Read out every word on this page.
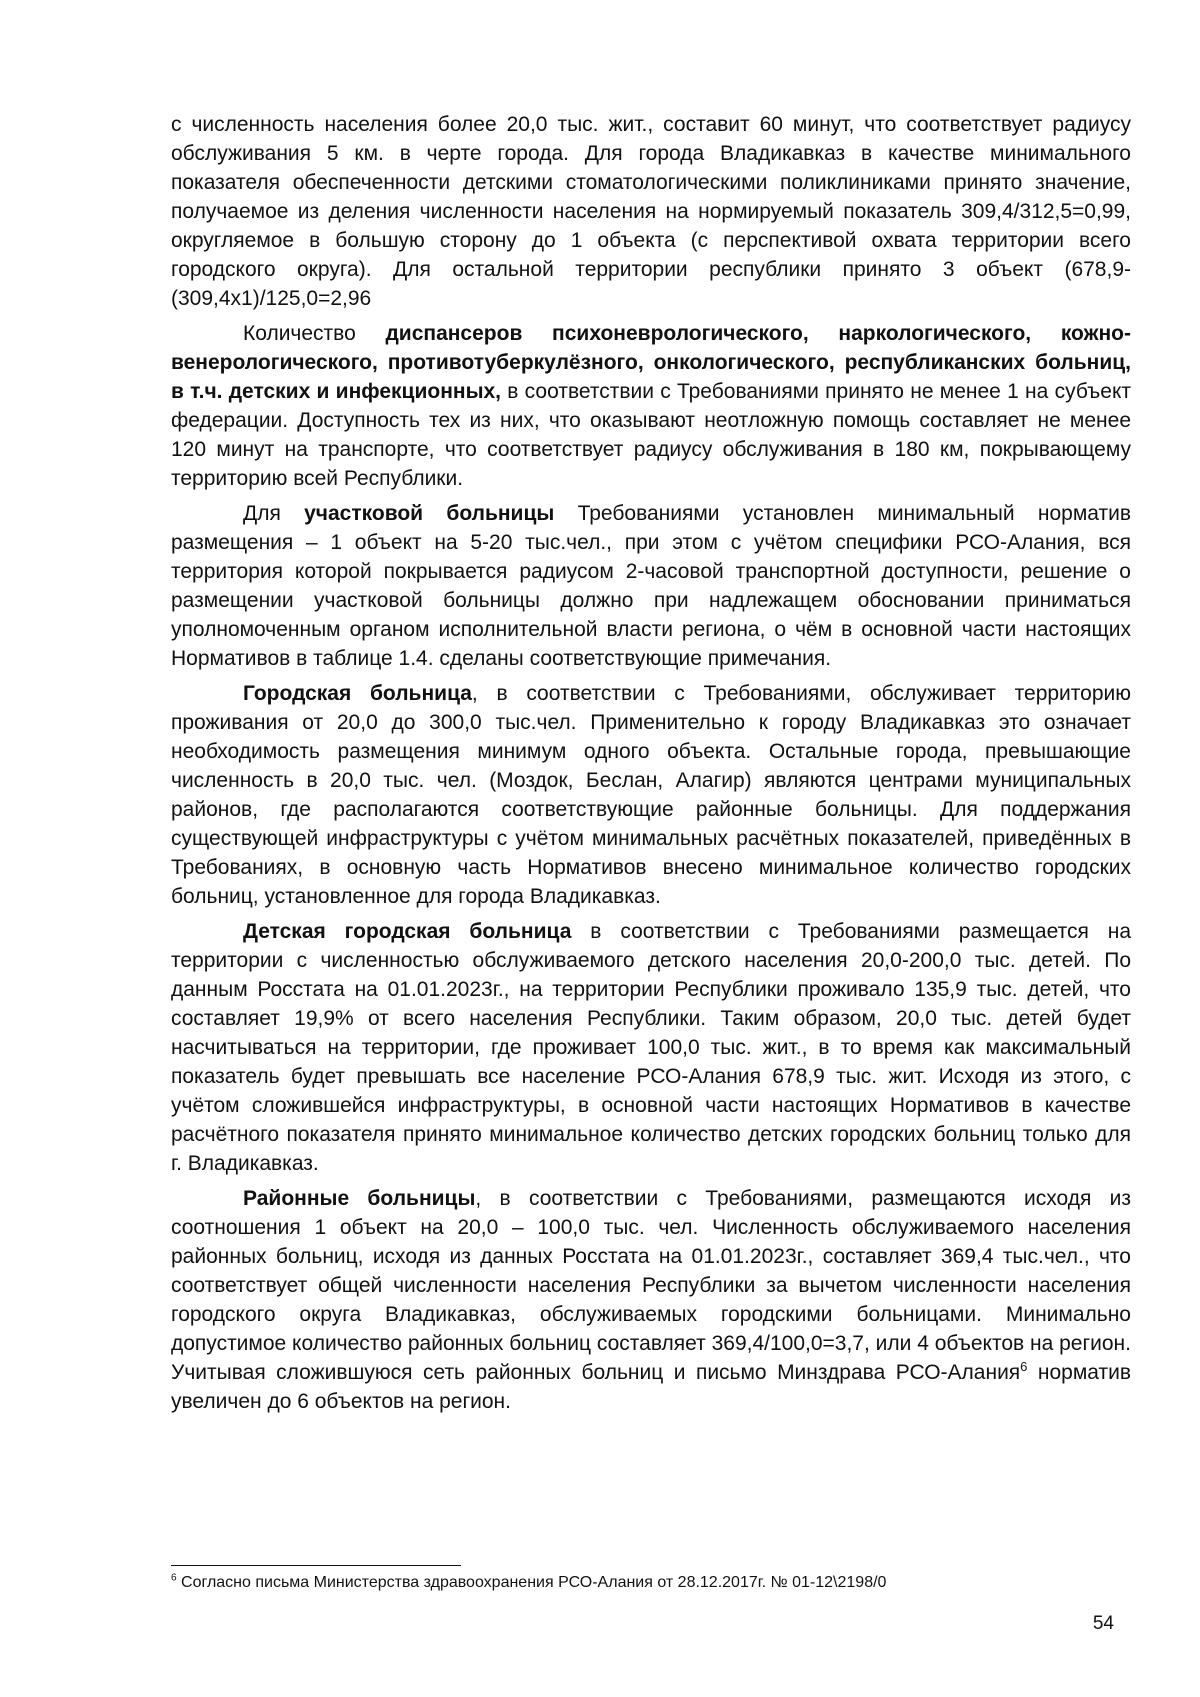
с численность населения более 20,0 тыс. жит., составит 60 минут, что соответствует радиусу обслуживания 5 км. в черте города. Для города Владикавказ в качестве минимального показателя обеспеченности детскими стоматологическими поликлиниками принято значение, получаемое из деления численности населения на нормируемый показатель 309,4/312,5=0,99, округляемое в большую сторону до 1 объекта (с перспективой охвата территории всего городского округа). Для остальной территории республики принято 3 объект (678,9-(309,4х1)/125,0=2,96

Количество диспансеров психоневрологического, наркологического, кожно-венерологического, противотуберкулёзного, онкологического, республиканских больниц, в т.ч. детских и инфекционных, в соответствии с Требованиями принято не менее 1 на субъект федерации. Доступность тех из них, что оказывают неотложную помощь составляет не менее 120 минут на транспорте, что соответствует радиусу обслуживания в 180 км, покрывающему территорию всей Республики.

Для участковой больницы Требованиями установлен минимальный норматив размещения – 1 объект на 5-20 тыс.чел., при этом с учётом специфики РСО-Алания, вся территория которой покрывается радиусом 2-часовой транспортной доступности, решение о размещении участковой больницы должно при надлежащем обосновании приниматься уполномоченным органом исполнительной власти региона, о чём в основной части настоящих Нормативов в таблице 1.4. сделаны соответствующие примечания.

Городская больница, в соответствии с Требованиями, обслуживает территорию проживания от 20,0 до 300,0 тыс.чел. Применительно к городу Владикавказ это означает необходимость размещения минимум одного объекта. Остальные города, превышающие численность в 20,0 тыс. чел. (Моздок, Беслан, Алагир) являются центрами муниципальных районов, где располагаются соответствующие районные больницы. Для поддержания существующей инфраструктуры с учётом минимальных расчётных показателей, приведённых в Требованиях, в основную часть Нормативов внесено минимальное количество городских больниц, установленное для города Владикавказ.

Детская городская больница в соответствии с Требованиями размещается на территории с численностью обслуживаемого детского населения 20,0-200,0 тыс. детей. По данным Росстата на 01.01.2023г., на территории Республики проживало 135,9 тыс. детей, что составляет 19,9% от всего населения Республики. Таким образом, 20,0 тыс. детей будет насчитываться на территории, где проживает 100,0 тыс. жит., в то время как максимальный показатель будет превышать все население РСО-Алания 678,9 тыс. жит. Исходя из этого, с учётом сложившейся инфраструктуры, в основной части настоящих Нормативов в качестве расчётного показателя принято минимальное количество детских городских больниц только для г. Владикавказ.

Районные больницы, в соответствии с Требованиями, размещаются исходя из соотношения 1 объект на 20,0 – 100,0 тыс. чел. Численность обслуживаемого населения районных больниц, исходя из данных Росстата на 01.01.2023г., составляет 369,4 тыс.чел., что соответствует общей численности населения Республики за вычетом численности населения городского округа Владикавказ, обслуживаемых городскими больницами. Минимально допустимое количество районных больниц составляет 369,4/100,0=3,7, или 4 объектов на регион. Учитывая сложившуюся сеть районных больниц и письмо Минздрава РСО-Алания$^6$ норматив увеличен до 6 объектов на регион.

$^6$ Согласно письма Министерства здравоохранения РСО-Алания от 28.12.2017г. № 01-12\2198/0
54
